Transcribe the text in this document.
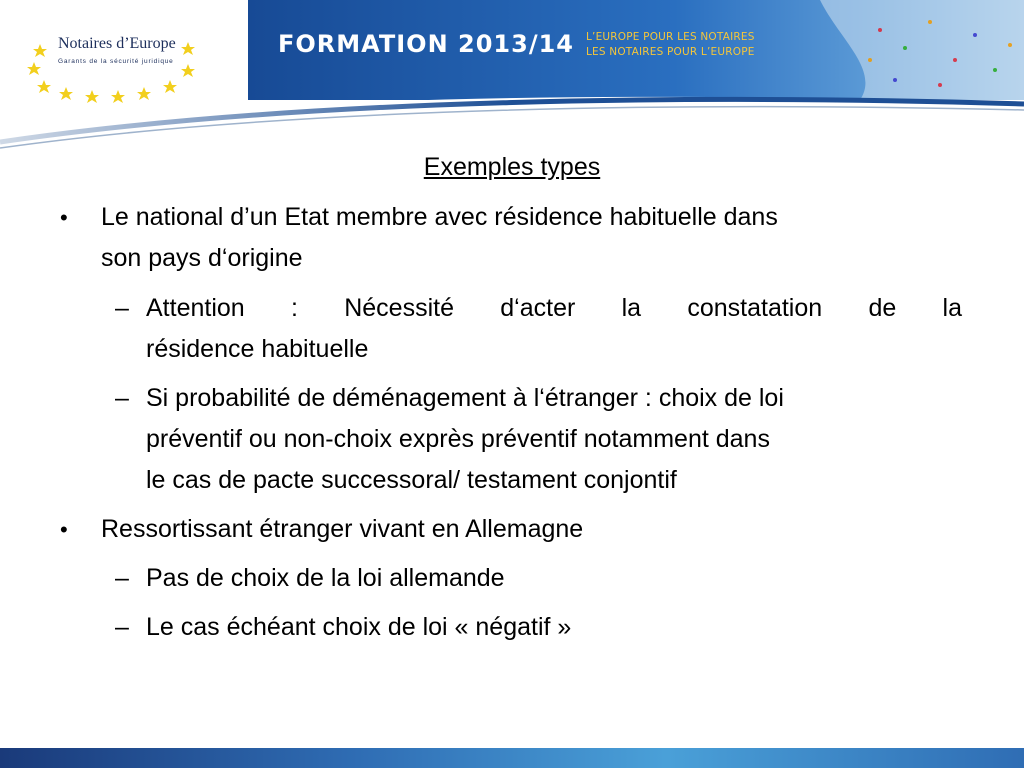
Notaires d’Europe
Garants de la sécurité juridique
FORMATION 2013/14 L’EUROPE POUR LES NOTAIRES
LES NOTAIRES POUR L’EUROPE
Exemples types
• Le national d’un Etat membre avec résidence habituelle dans
son pays d‘origine
– Attention : Nécessité d‘acter la constatation de la
résidence habituelle
– Si probabilité de déménagement à l‘étranger : choix de loi
préventif ou non-choix exprès préventif notamment dans
le cas de pacte successoral/ testament conjontif
• Ressortissant étranger vivant en Allemagne
– Pas de choix de la loi allemande
– Le cas échéant choix de loi « négatif »
